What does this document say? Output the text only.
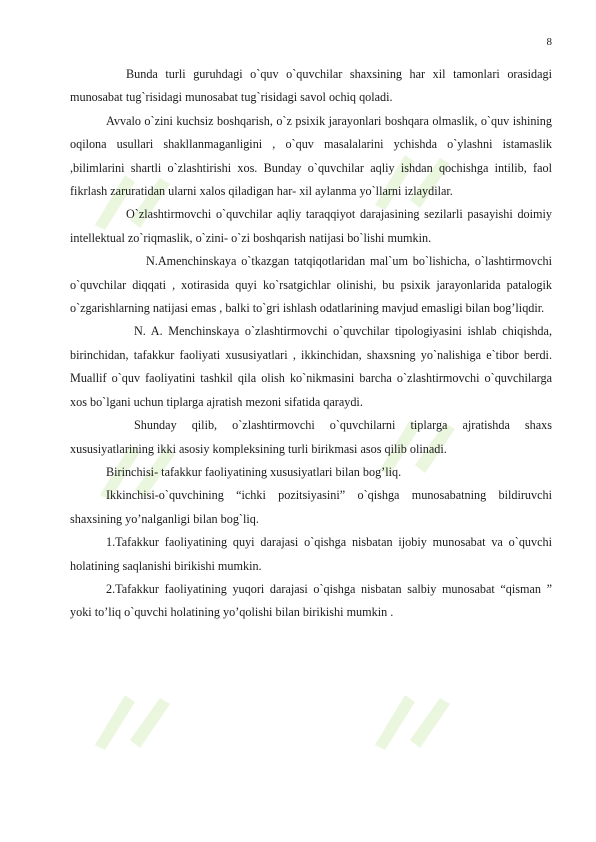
8

Bunda turli guruhdagi o`quv o`quvchilar shaxsining har xil tamonlari orasidagi munosabat tug`risidagi munosabat tug`risidagi savol ochiq qoladi.

Avvalo o`zini kuchsiz boshqarish, o`z psixik jarayonlari boshqara olmaslik, o`quv ishining oqilona usullari shakllanmaganligini , o`quv masalalarini ychishda o`ylashni istamaslik ,bilimlarini shartli o`zlashtirishi xos. Bunday o`quvchilar aqliy ishdan qochishga intilib, faol fikrlash zaruratidan ularni xalos qiladigan har- xil aylanma yo`llarni izlaydilar.

O`zlashtirmovchi o`quvchilar aqliy taraqqiyot darajasining sezilarli pasayishi doimiy intellektual zo`riqmaslik, o`zini- o`zi boshqarish natijasi bo`lishi mumkin.

N.Amenchinskaya o`tkazgan tatqiqotlaridan mal`um bo`lishicha, o`lashtirmovchi o`quvchilar diqqati , xotirasida quyi ko`rsatgichlar olinishi, bu psixik jarayonlarida patalogik o`zgarishlarning natijasi emas , balki to`gri ishlash odatlarining mavjud emasligi bilan bog’liqdir.

N. A. Menchinskaya o`zlashtirmovchi o`quvchilar tipologiyasini ishlab chiqishda, birinchidan, tafakkur faoliyati xususiyatlari , ikkinchidan, shaxsning yo`nalishiga e`tibor berdi. Muallif o`quv faoliyatini tashkil qila olish ko`nikmasini barcha o`zlashtirmovchi o`quvchilarga xos bo`lgani uchun tiplarga ajratish mezoni sifatida qaraydi.

Shunday qilib, o`zlashtirmovchi o`quvchilarni tiplarga ajratishda shaxs xususiyatlarining ikki asosiy kompleksining turli birikmasi asos qilib olinadi.

Birinchisi- tafakkur faoliyatining xususiyatlari bilan bog’liq.

Ikkinchisi-o`quvchining “ichki pozitsiyasini” o`qishga munosabatning bildiruvchi shaxsining yo’nalganligi bilan bog`liq.

1.Tafakkur faoliyatining quyi darajasi o`qishga nisbatan ijobiy munosabat va o`quvchi holatining saqlanishi birikishi mumkin.

2.Tafakkur faoliyatining yuqori darajasi o`qishga nisbatan salbiy munosabat “qisman ” yoki to’liq o`quvchi holatining yo’qolishi bilan birikishi mumkin .
